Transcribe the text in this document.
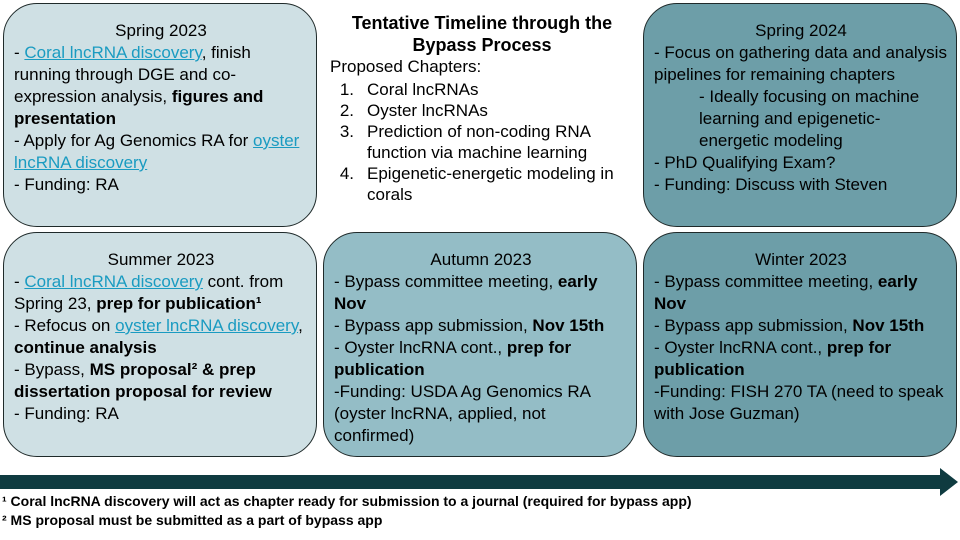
Spring 2023

- Coral lncRNA discovery, finish running through DGE and co-expression analysis, figures and presentation

- Apply for Ag Genomics RA for oyster lncRNA discovery

- Funding: RA

Tentative Timeline through the Bypass Process

Proposed Chapters:

1. Coral lncRNAs
2. Oyster lncRNAs
3. Prediction of non-coding RNA function via machine learning
4. Epigenetic-energetic modeling in corals

Spring 2024

- Focus on gathering data and analysis pipelines for remaining chapters

- Ideally focusing on machine learning and epigenetic-energetic modeling

- PhD Qualifying Exam?

- Funding: Discuss with Steven

Summer 2023

- Coral lncRNA discovery cont. from Spring 23, prep for publication¹

- Refocus on oyster lncRNA discovery, continue analysis

- Bypass, MS proposal² & prep dissertation proposal for review

- Funding: RA

Autumn 2023

- Bypass committee meeting, early Nov

- Bypass app submission, Nov 15th

- Oyster lncRNA cont., prep for publication

-Funding: USDA Ag Genomics RA (oyster lncRNA, applied, not confirmed)

Winter 2023

- Bypass committee meeting, early Nov

- Bypass app submission, Nov 15th

- Oyster lncRNA cont., prep for publication

-Funding: FISH 270 TA (need to speak with Jose Guzman)

¹ Coral lncRNA discovery will act as chapter ready for submission to a journal (required for bypass app)

² MS proposal must be submitted as a part of bypass app
